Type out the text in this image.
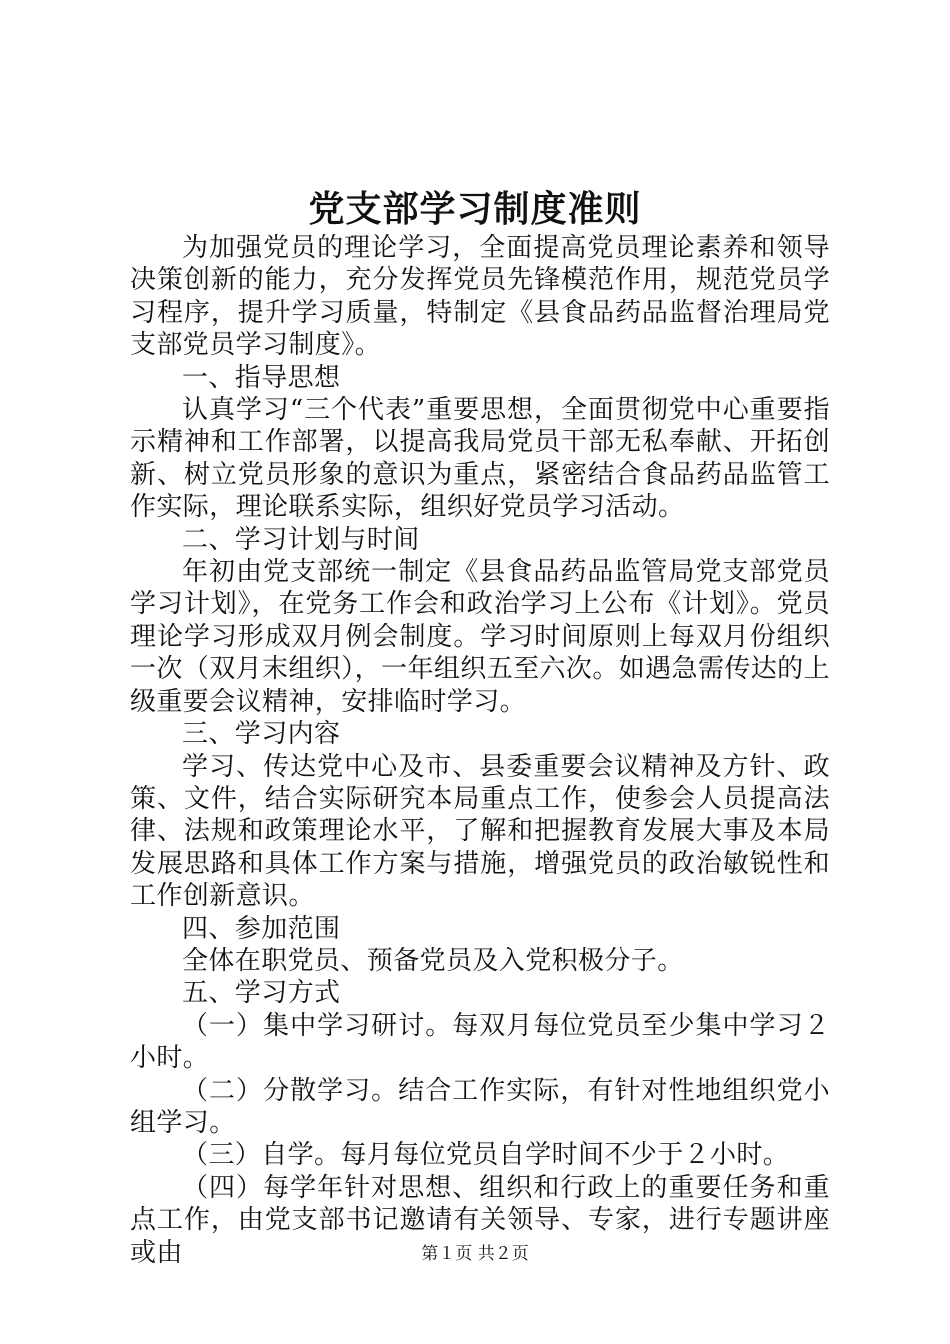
党支部学习制度准则

为加强党员的理论学习，全面提高党员理论素养和领导决策创新的能力，充分发挥党员先锋模范作用，规范党员学习程序，提升学习质量，特制定《县食品药品监督治理局党支部党员学习制度》。

一、指导思想

认真学习“三个代表”重要思想，全面贯彻党中心重要指示精神和工作部署，以提高我局党员干部无私奉献、开拓创新、树立党员形象的意识为重点，紧密结合食品药品监管工作实际，理论联系实际，组织好党员学习活动。

二、学习计划与时间

年初由党支部统一制定《县食品药品监管局党支部党员学习计划》，在党务工作会和政治学习上公布《计划》。党员理论学习形成双月例会制度。学习时间原则上每双月份组织一次（双月末组织），一年组织五至六次。如遇急需传达的上级重要会议精神，安排临时学习。

三、学习内容

学习、传达党中心及市、县委重要会议精神及方针、政策、文件，结合实际研究本局重点工作，使参会人员提高法律、法规和政策理论水平，了解和把握教育发展大事及本局发展思路和具体工作方案与措施，增强党员的政治敏锐性和工作创新意识。

四、参加范围

全体在职党员、预备党员及入党积极分子。

五、学习方式

（一）集中学习研讨。每双月每位党员至少集中学习２小时。

（二）分散学习。结合工作实际，有针对性地组织党小组学习。

（三）自学。每月每位党员自学时间不少于２小时。

（四）每学年针对思想、组织和行政上的重要任务和重点工作，由党支部书记邀请有关领导、专家，进行专题讲座或由	第１页 共２页
